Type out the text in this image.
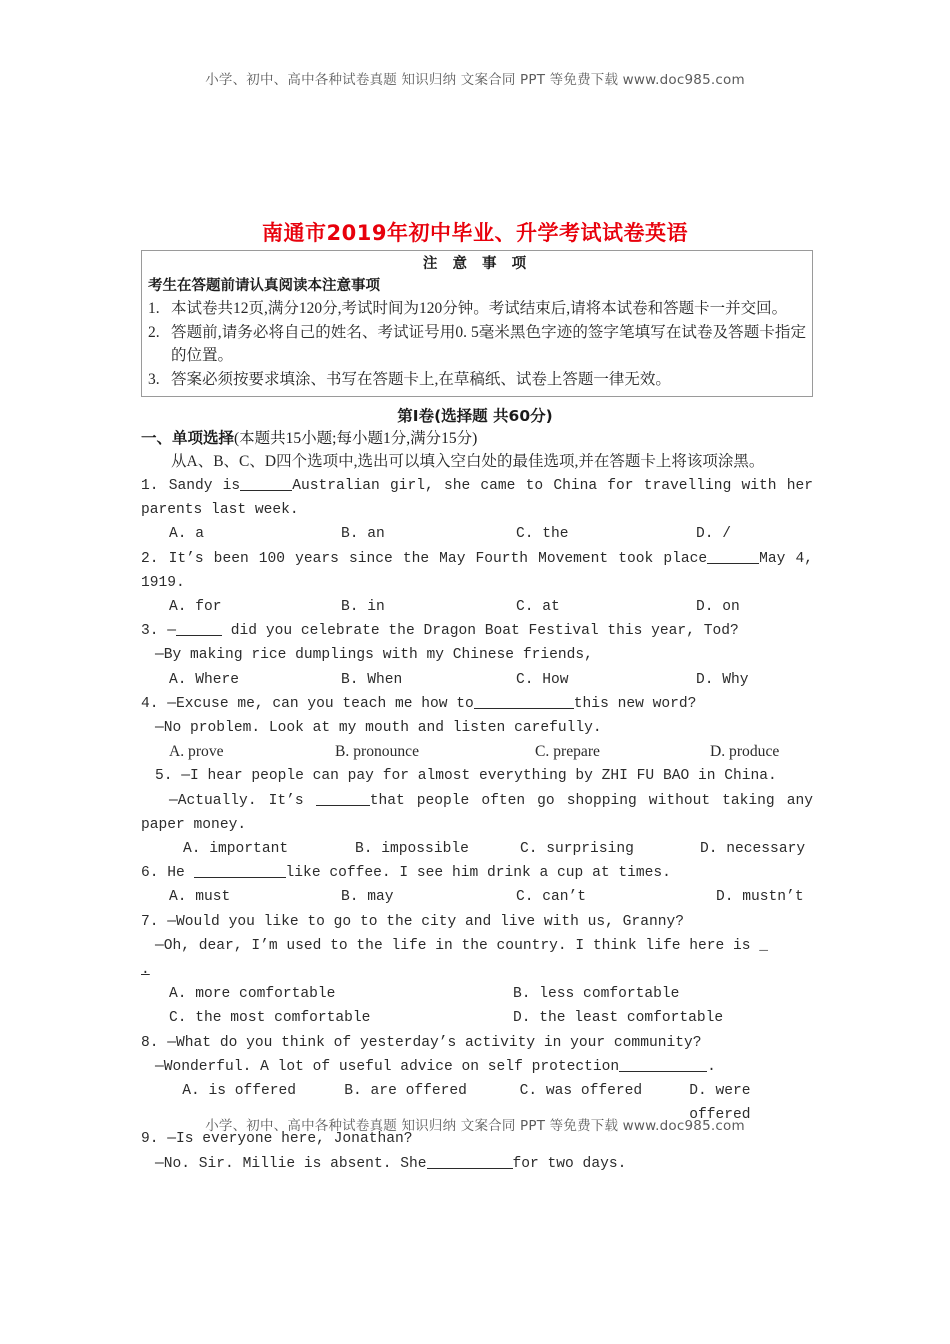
小学、初中、高中各种试卷真题 知识归纳 文案合同 PPT 等免费下载 www.doc985.com
南通市2019年初中毕业、升学考试试卷英语
注 意 事 项
考生在答题前请认真阅读本注意事项
1. 本试卷共12页,满分120分,考试时间为120分钟。考试结束后,请将本试卷和答题卡一并交回。
2. 答题前,请务必将自己的姓名、考试证号用0. 5毫米黑色字迹的签字笔填写在试卷及答题卡指定的位置。
3. 答案必须按要求填涂、书写在答题卡上,在草稿纸、试卷上答题一律无效。
第Ⅰ卷(选择题 共60分)
一、单项选择(本题共15小题;每小题1分,满分15分)
从A、B、C、D四个选项中,选出可以填入空白处的最佳选项,并在答题卡上将该项涂黑。
1. Sandy is	Australian girl, she came to China for travelling with her parents last week.
A. a	B. an	C. the	D. /
2. It’s been 100 years since the May Fourth Movement took place	May 4, 1919.
A. for	B. in	C. at	D. on
3. —	did you celebrate the Dragon Boat Festival this year, Tod?
—By making rice dumplings with my Chinese friends,
A. Where	B. When	C. How	D. Why
4. —Excuse me, can you teach me how to	this new word?
—No problem. Look at my mouth and listen carefully.
A. prove	B. pronounce	C. prepare	D. produce
5. —I hear people can pay for almost everything by ZHI FU BAO in China.
—Actually. It’s	that people often go shopping without taking any paper money.
A. important	B. impossible	C. surprising	D. necessary
6. He	like coffee. I see him drink a cup at times.
A. must	B. may	C. can’t	D. mustn’t
7. —Would you like to go to the city and live with us, Granny?
—Oh, dear, I’m used to the life in the country. I think life here is _
.
A. more comfortable	B. less comfortable
C. the most comfortable	D. the least comfortable
8. —What do you think of yesterday’s activity in your community?
—Wonderful. A lot of useful advice on self protection	.
A. is offered	B. are offered	C. was offered	D. were offered
9. —Is everyone here, Jonathan?
—No. Sir. Millie is absent. She	for two days.
小学、初中、高中各种试卷真题 知识归纳 文案合同 PPT 等免费下载 www.doc985.com
